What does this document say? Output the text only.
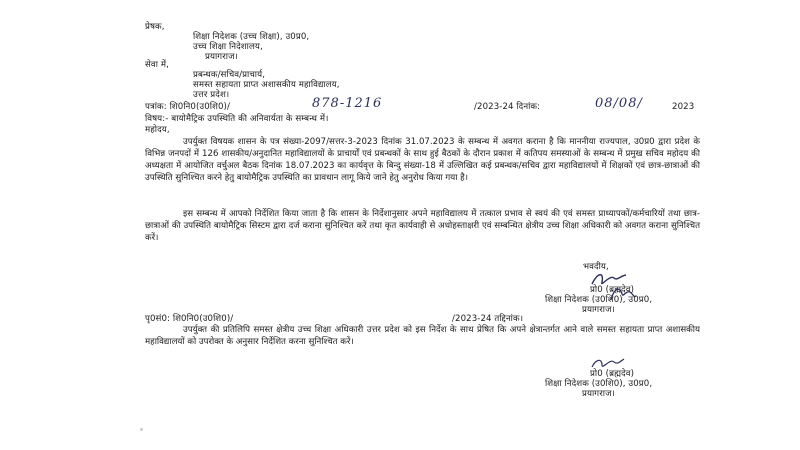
प्रेषक,
शिक्षा निदेशक (उच्च शिक्षा), उ0प्र0,
उच्च शिक्षा निदेशालय,
प्रयागराज।
सेवा में,
प्रबन्धक/सचिव/प्राचार्य,
समस्त सहायता प्राप्त अशासकीय महाविद्यालय,
उत्तर प्रदेश।
पत्रांक: शि0नि0(उ0शि0)/	878-1216	/2023-24 दिनांक:	08/08/	2023
विषय:- बायोमैट्रिक उपस्थिति की अनिवार्यता के सम्बन्ध में।
महोदय,
उपर्युक्त विषयक शासन के पत्र संख्या-2097/सत्तर-3-2023 दिनांक 31.07.2023 के सम्बन्ध में अवगत कराना है कि माननीया राज्यपाल, उ0प्र0 द्वारा प्रदेश के विभिन्न जनपदों में 126 शासकीय/अनुदानित महाविद्यालयों के प्राचार्यों एवं प्रबन्धकों के साथ हुई बैठकों के दौरान प्रकाश में कतिपय समस्याओं के सम्बन्ध में प्रमुख सचिव महोदय की अध्यक्षता में आयोजित वर्चुअल बैठक दिनांक 18.07.2023 का कार्यवृत्त के बिन्दु संख्या-18 में उल्लिखित कई प्रबन्धक/सचिव द्वारा महाविद्यालयों में शिक्षकों एवं छात्र-छात्राओं की उपस्थिति सुनिश्चित करने हेतु बायोमैट्रिक उपस्थिति का प्रावधान लागू किये जाने हेतु अनुरोध किया गया है।
इस सम्बन्ध में आपको निर्देशित किया जाता है कि शासन के निर्देशानुसार अपने महाविद्यालय में तत्काल प्रभाव से स्वयं की एवं समस्त प्राध्यापकों/कर्मचारियों तथा छात्र-छात्राओं की उपस्थिति बायोमैट्रिक सिस्टम द्वारा दर्ज कराना सुनिश्चित करें तथा कृत कार्यवाही से अधोहस्ताक्षरी एवं सम्बन्धित क्षेत्रीय उच्च शिक्षा अधिकारी को अवगत कराना सुनिश्चित करें।
भवदीय,
प्रो0 (ब्रह्मदेव)
शिक्षा निदेशक (उ0शि0), उ0प्र0,
प्रयागराज।
पृ0सं0: शि0नि0(उ0शि0)/	/2023-24 तद्दिनांक।
उपर्युक्त की प्रतिलिपि समस्त क्षेत्रीय उच्च शिक्षा अधिकारी उत्तर प्रदेश को इस निर्देश के साथ प्रेषित कि अपने क्षेत्रान्तर्गत आने वाले समस्त सहायता प्राप्त अशासकीय महाविद्यालयों को उपरोक्त के अनुसार निर्देशित करना सुनिश्चित करें।
प्रो0 (ब्रह्मदेव)
शिक्षा निदेशक (उ0शि0), उ0प्र0,
प्रयागराज।
